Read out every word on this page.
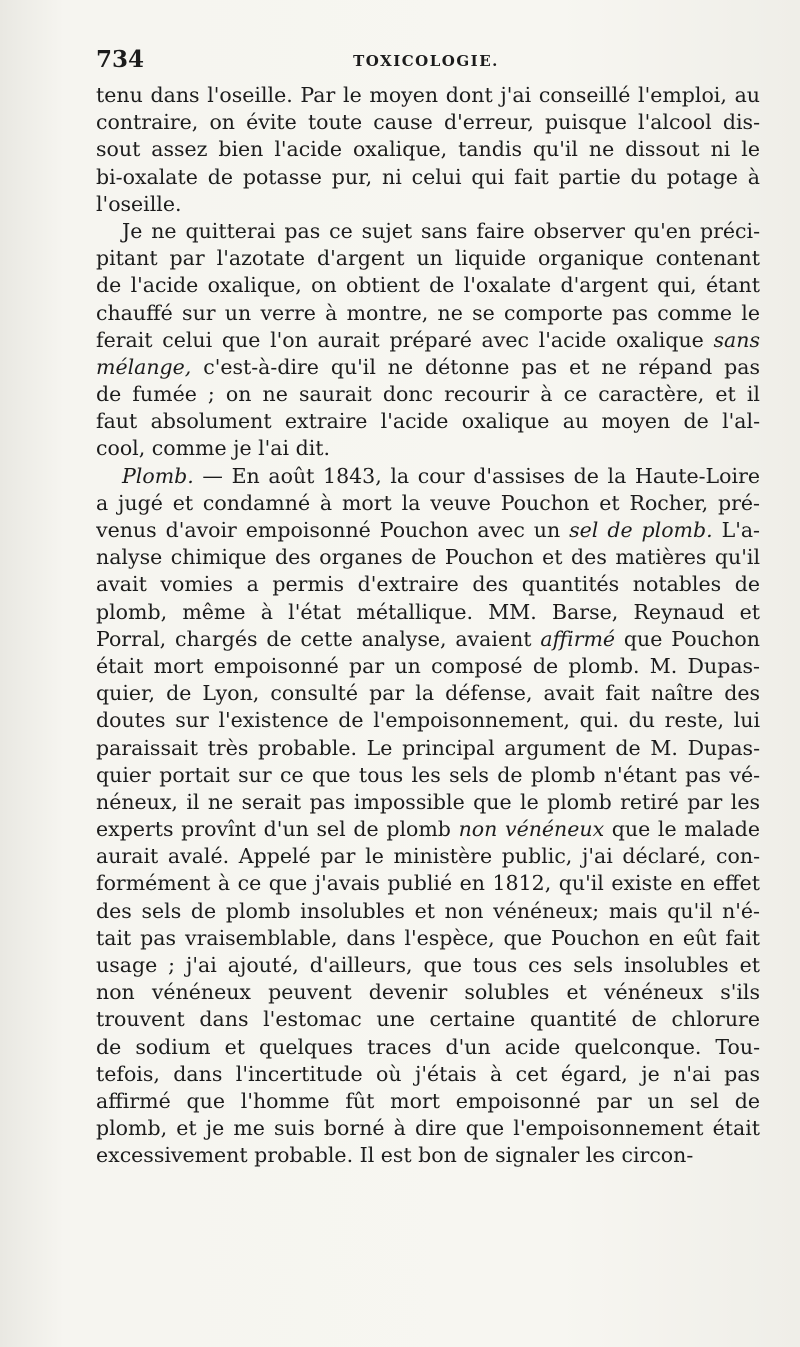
734	TOXICOLOGIE.
tenu dans l'oseille. Par le moyen dont j'ai conseillé l'emploi, au
contraire, on évite toute cause d'erreur, puisque l'alcool dis-
sout assez bien l'acide oxalique, tandis qu'il ne dissout ni le
bi-oxalate de potasse pur, ni celui qui fait partie du potage à
l'oseille.
Je ne quitterai pas ce sujet sans faire observer qu'en préci-
pitant par l'azotate d'argent un liquide organique contenant
de l'acide oxalique, on obtient de l'oxalate d'argent qui, étant
chauffé sur un verre à montre, ne se comporte pas comme le
ferait celui que l'on aurait préparé avec l'acide oxalique sans
mélange, c'est-à-dire qu'il ne détonne pas et ne répand pas
de fumée ; on ne saurait donc recourir à ce caractère, et il
faut absolument extraire l'acide oxalique au moyen de l'al-
cool, comme je l'ai dit.
Plomb. — En août 1843, la cour d'assises de la Haute-Loire
a jugé et condamné à mort la veuve Pouchon et Rocher, pré-
venus d'avoir empoisonné Pouchon avec un sel de plomb. L'a-
nalyse chimique des organes de Pouchon et des matières qu'il
avait vomies a permis d'extraire des quantités notables de
plomb, même à l'état métallique. MM. Barse, Reynaud et
Porral, chargés de cette analyse, avaient affirmé que Pouchon
était mort empoisonné par un composé de plomb. M. Dupas-
quier, de Lyon, consulté par la défense, avait fait naître des
doutes sur l'existence de l'empoisonnement, qui. du reste, lui
paraissait très probable. Le principal argument de M. Dupas-
quier portait sur ce que tous les sels de plomb n'étant pas vé-
néneux, il ne serait pas impossible que le plomb retiré par les
experts provînt d'un sel de plomb non vénéneux que le malade
aurait avalé. Appelé par le ministère public, j'ai déclaré, con-
formément à ce que j'avais publié en 1812, qu'il existe en effet
des sels de plomb insolubles et non vénéneux; mais qu'il n'é-
tait pas vraisemblable, dans l'espèce, que Pouchon en eût fait
usage ; j'ai ajouté, d'ailleurs, que tous ces sels insolubles et
non vénéneux peuvent devenir solubles et vénéneux s'ils
trouvent dans l'estomac une certaine quantité de chlorure
de sodium et quelques traces d'un acide quelconque. Tou-
tefois, dans l'incertitude où j'étais à cet égard, je n'ai pas
affirmé que l'homme fût mort empoisonné par un sel de
plomb, et je me suis borné à dire que l'empoisonnement était
excessivement probable. Il est bon de signaler les circon-
